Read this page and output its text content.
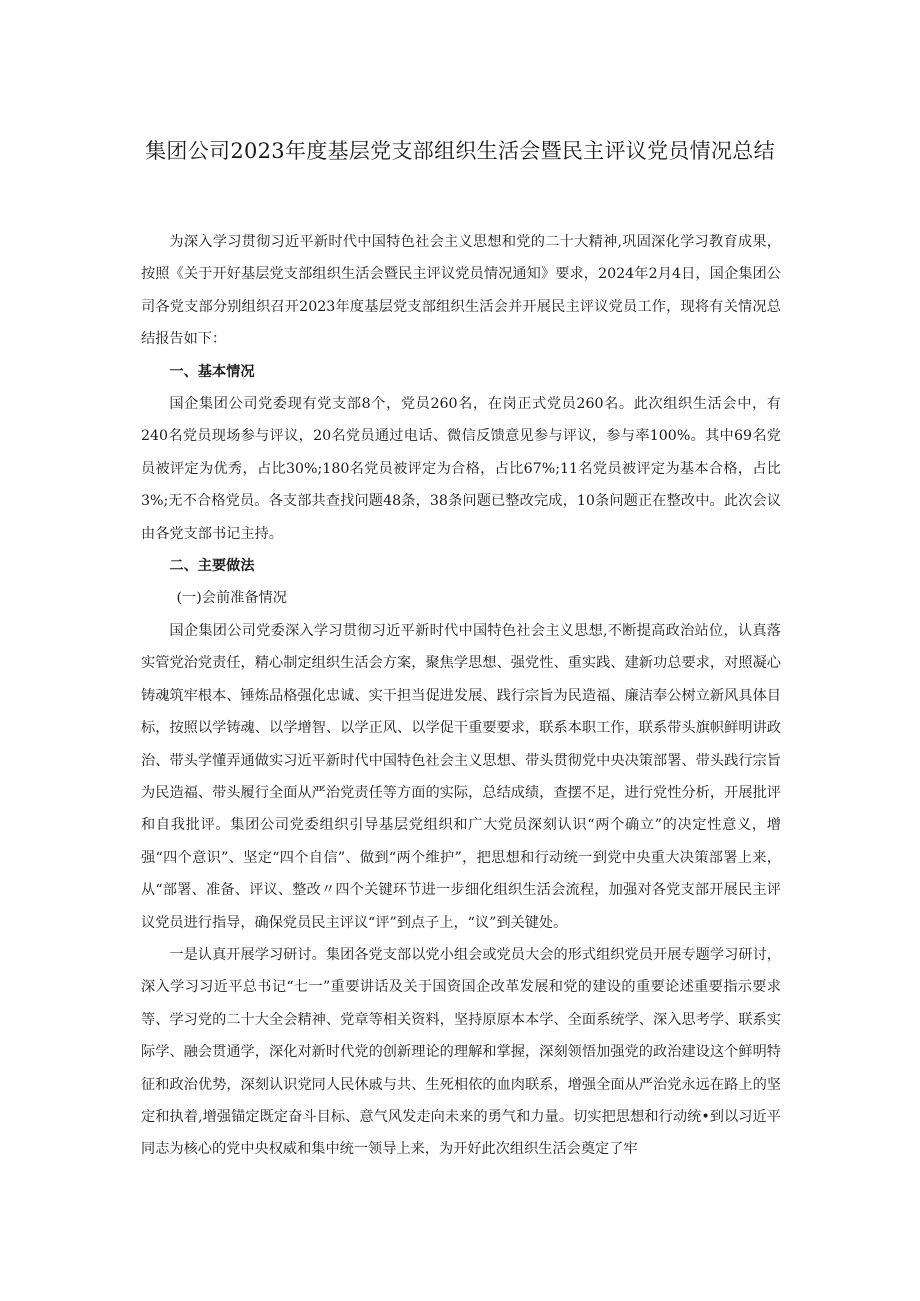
集团公司2023年度基层党支部组织生活会暨民主评议党员情况总结

为深入学习贯彻习近平新时代中国特色社会主义思想和党的二十大精神,巩固深化学习教育成果，按照《关于开好基层党支部组织生活会暨民主评议党员情况通知》要求，2024年2月4日，国企集团公司各党支部分别组织召开2023年度基层党支部组织生活会并开展民主评议党员工作，现将有关情况总结报告如下：

一、基本情况

国企集团公司党委现有党支部8个，党员260名，在岗正式党员260名。此次组织生活会中，有240名党员现场参与评议，20名党员通过电话、微信反馈意见参与评议，参与率100%。其中69名党员被评定为优秀，占比30%;180名党员被评定为合格，占比67%;11名党员被评定为基本合格，占比3%;无不合格党员。各支部共查找问题48条，38条问题已整改完成，10条问题正在整改中。此次会议由各党支部书记主持。

二、主要做法

(一)会前准备情况

国企集团公司党委深入学习贯彻习近平新时代中国特色社会主义思想,不断提高政治站位，认真落实管党治党责任，精心制定组织生活会方案，聚焦学思想、强党性、重实践、建新功总要求，对照凝心铸魂筑牢根本、锤炼品格强化忠诚、实干担当促进发展、践行宗旨为民造福、廉洁奉公树立新风具体目标，按照以学铸魂、以学增智、以学正风、以学促干重要要求，联系本职工作，联系带头旗帜鲜明讲政治、带头学懂弄通做实习近平新时代中国特色社会主义思想、带头贯彻党中央决策部署、带头践行宗旨为民造福、带头履行全面从严治党责任等方面的实际，总结成绩，查摆不足，进行党性分析，开展批评和自我批评。集团公司党委组织引导基层党组织和广大党员深刻认识“两个确立”的决定性意义，增强“四个意识”、坚定“四个自信”、做到“两个维护”，把思想和行动统一到党中央重大决策部署上来，从“部署、准备、评议、整改〃四个关键环节进一步细化组织生活会流程，加强对各党支部开展民主评议党员进行指导，确保党员民主评议“评”到点子上，“议”到关键处。

一是认真开展学习研讨。集团各党支部以党小组会或党员大会的形式组织党员开展专题学习研讨，深入学习习近平总书记“七一”重要讲话及关于国资国企改革发展和党的建设的重要论述重要指示要求等、学习党的二十大全会精神、党章等相关资料，坚持原原本本学、全面系统学、深入思考学、联系实际学、融会贯通学，深化对新时代党的创新理论的理解和掌握，深刻领悟加强党的政治建设这个鲜明特征和政治优势，深刻认识党同人民休戚与共、生死相依的血肉联系，增强全面从严治党永远在路上的坚定和执着,增强锚定既定奋斗目标、意气风发走向未来的勇气和力量。切实把思想和行动统•到以习近平同志为核心的党中央权威和集中统一领导上来，为开好此次组织生活会奠定了牢
